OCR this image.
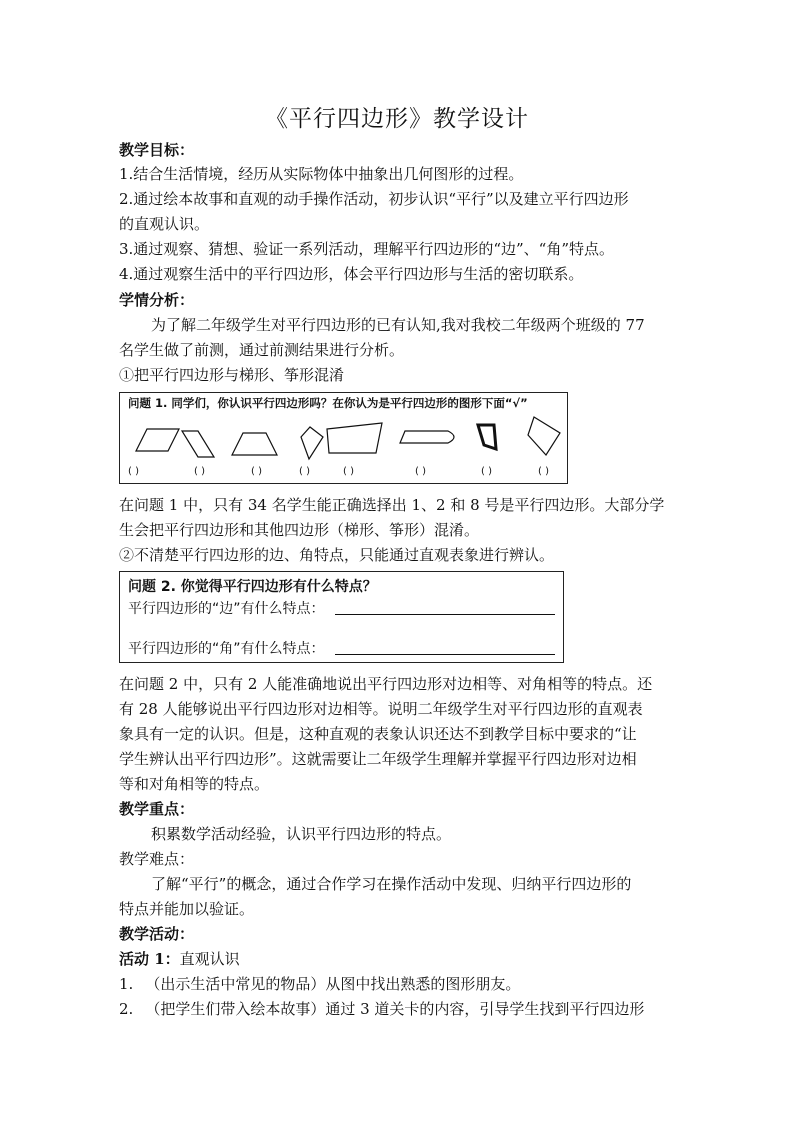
《平行四边形》教学设计
教学目标：
1.结合生活情境，经历从实际物体中抽象出几何图形的过程。
2.通过绘本故事和直观的动手操作活动，初步认识“平行”以及建立平行四边形
的直观认识。
3.通过观察、猜想、验证一系列活动，理解平行四边形的“边”、“角”特点。
4.通过观察生活中的平行四边形，体会平行四边形与生活的密切联系。
学情分析：
为了解二年级学生对平行四边形的已有认知,我对我校二年级两个班级的 77
名学生做了前测，通过前测结果进行分析。
①把平行四边形与梯形、筝形混淆
问题 1. 同学们，你认识平行四边形吗？在你认为是平行四边形的图形下面“√”
( )	( )	( )	( )	( )	( )	( )	( )
在问题 1 中，只有 34 名学生能正确选择出 1、2 和 8 号是平行四边形。大部分学
生会把平行四边形和其他四边形（梯形、筝形）混淆。
②不清楚平行四边形的边、角特点，只能通过直观表象进行辨认。
问题 2. 你觉得平行四边形有什么特点？
平行四边形的“边”有什么特点：
平行四边形的“角”有什么特点：
在问题 2 中，只有 2 人能准确地说出平行四边形对边相等、对角相等的特点。还
有 28 人能够说出平行四边形对边相等。说明二年级学生对平行四边形的直观表
象具有一定的认识。但是，这种直观的表象认识还达不到教学目标中要求的“让
学生辨认出平行四边形”。这就需要让二年级学生理解并掌握平行四边形对边相
等和对角相等的特点。
教学重点：
积累数学活动经验，认识平行四边形的特点。
教学难点：
了解“平行”的概念，通过合作学习在操作活动中发现、归纳平行四边形的
特点并能加以验证。
教学活动：
活动 1：直观认识
1. （出示生活中常见的物品）从图中找出熟悉的图形朋友。
2. （把学生们带入绘本故事）通过 3 道关卡的内容，引导学生找到平行四边形
